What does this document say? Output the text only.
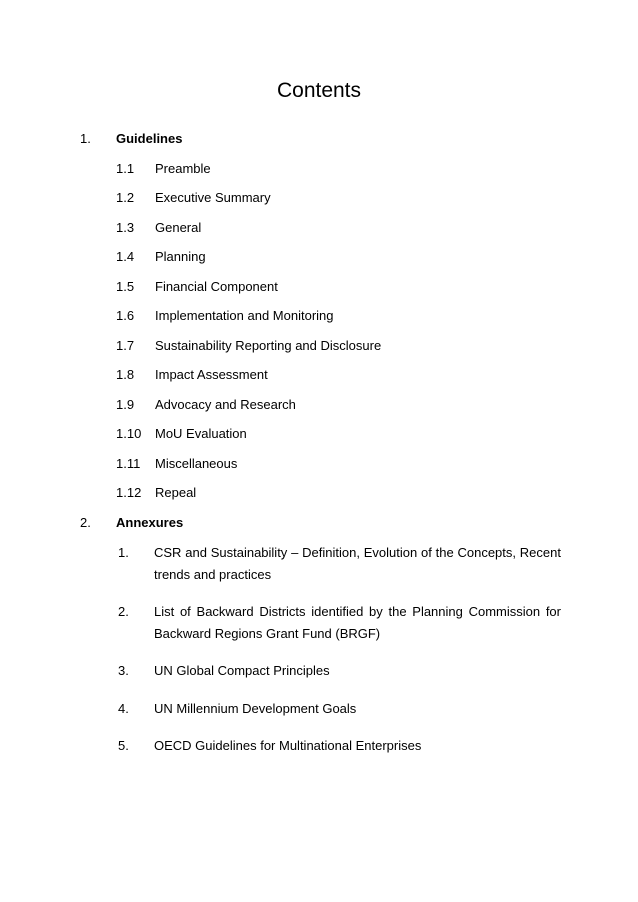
Contents
1. Guidelines
1.1 Preamble
1.2 Executive Summary
1.3 General
1.4 Planning
1.5 Financial Component
1.6 Implementation and Monitoring
1.7 Sustainability Reporting and Disclosure
1.8 Impact Assessment
1.9 Advocacy and Research
1.10 MoU Evaluation
1.11 Miscellaneous
1.12 Repeal
2. Annexures
1. CSR and Sustainability – Definition, Evolution of the Concepts, Recent trends and practices
2. List of Backward Districts identified by the Planning Commission for Backward Regions Grant Fund (BRGF)
3. UN Global Compact Principles
4. UN Millennium Development Goals
5. OECD Guidelines for Multinational Enterprises
